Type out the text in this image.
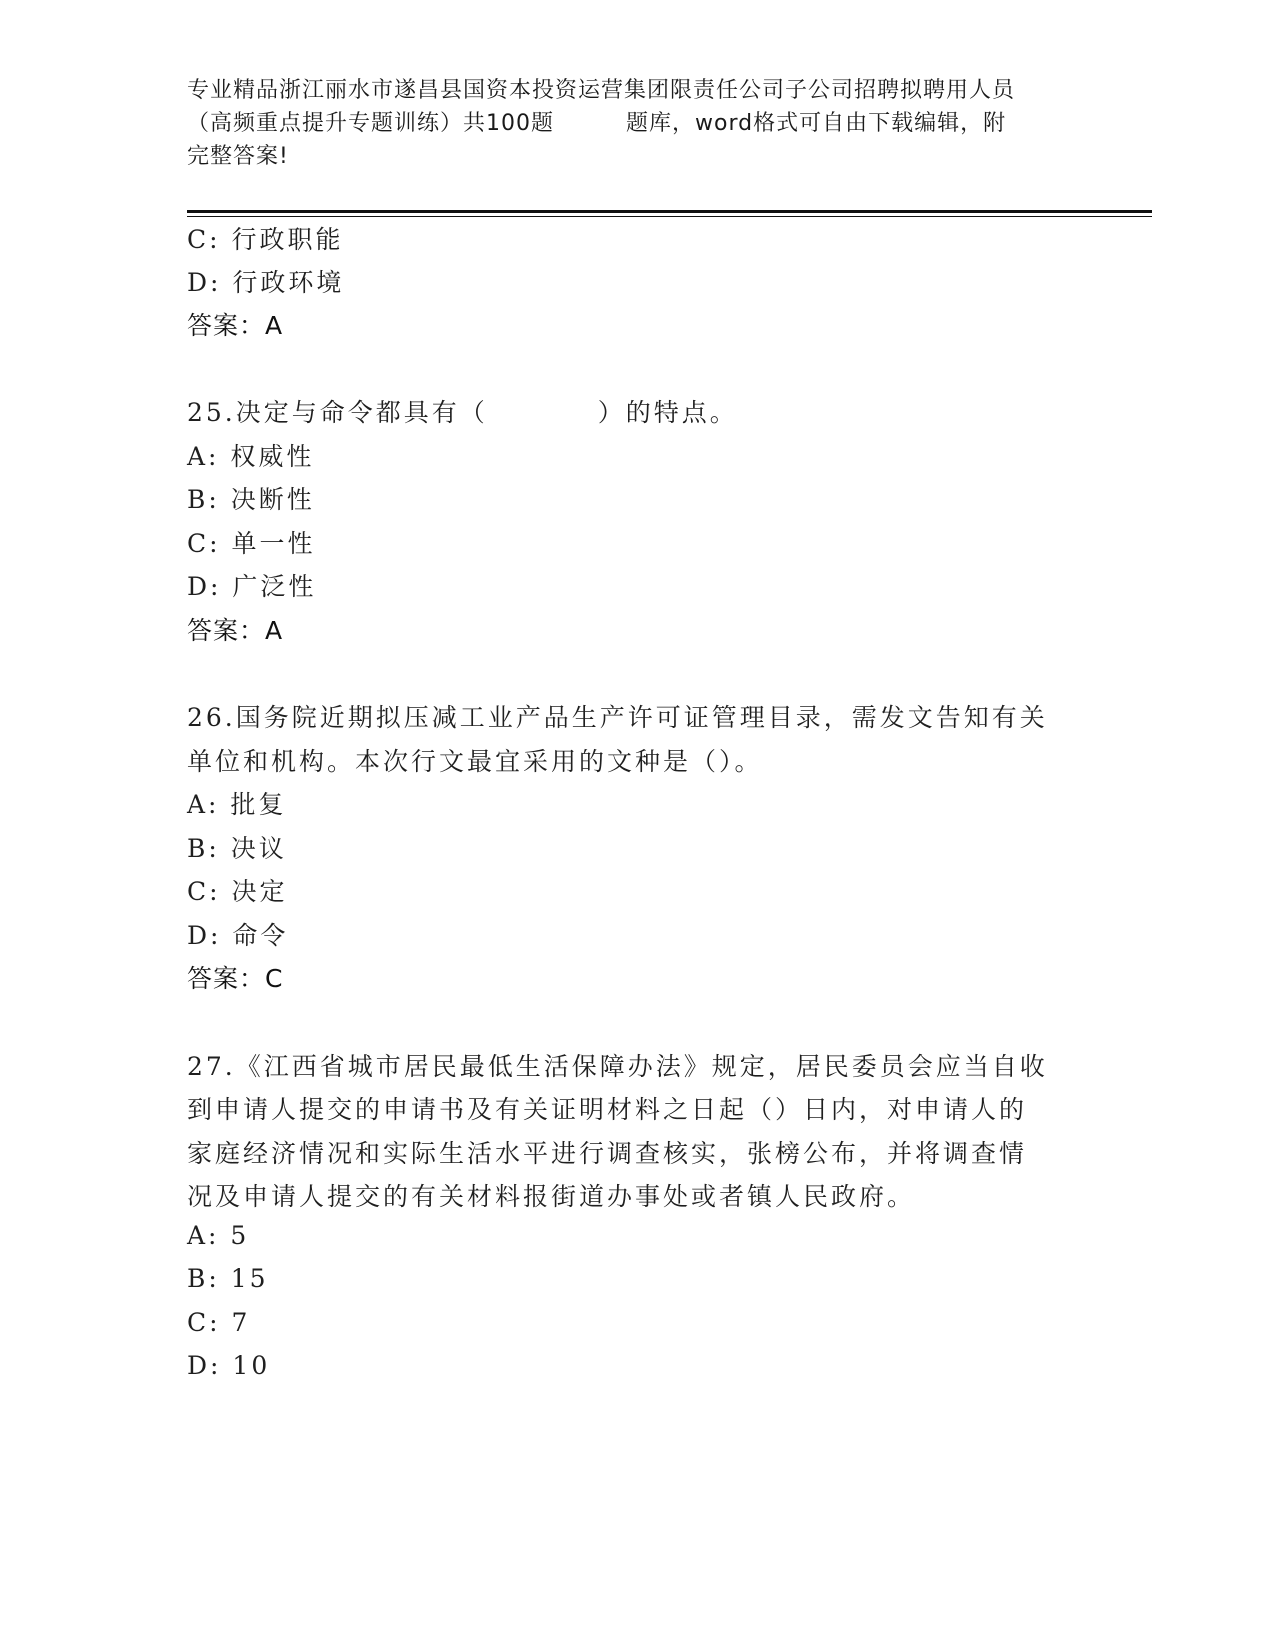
专业精品浙江丽水市遂昌县国资本投资运营集团限责任公司子公司招聘拟聘用人员
（高频重点提升专题训练）共100题	题库，word格式可自由下载编辑，附
完整答案!
C: 行政职能
D: 行政环境
答案：A
25.决定与命令都具有（	）的特点。
A: 权威性
B: 决断性
C: 单一性
D: 广泛性
答案：A
26.国务院近期拟压减工业产品生产许可证管理目录，需发文告知有关
单位和机构。本次行文最宜采用的文种是（）。
A: 批复
B: 决议
C: 决定
D: 命令
答案：C
27.《江西省城市居民最低生活保障办法》规定，居民委员会应当自收
到申请人提交的申请书及有关证明材料之日起（）日内，对申请人的
家庭经济情况和实际生活水平进行调查核实，张榜公布，并将调查情
况及申请人提交的有关材料报街道办事处或者镇人民政府。
A: 5
B: 15
C: 7
D: 10
